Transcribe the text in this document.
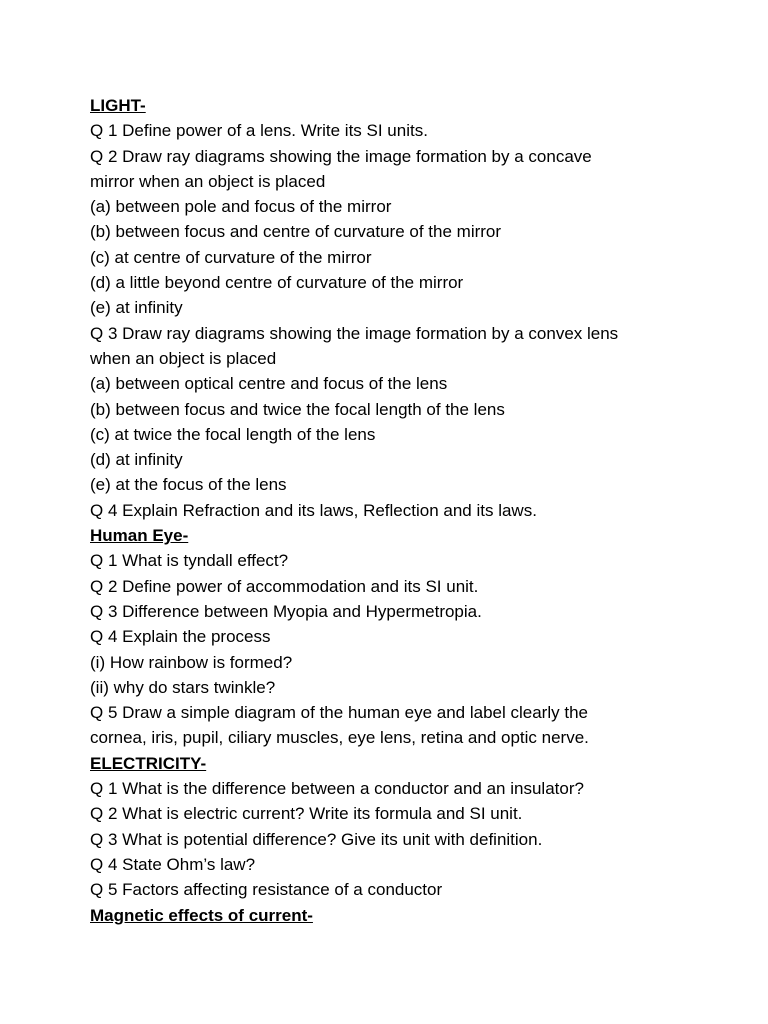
LIGHT-
Q 1 Define power of a lens. Write its SI units.
Q 2 Draw ray diagrams showing the image formation by a concave
mirror when an object is placed
(a) between pole and focus of the mirror
(b) between focus and centre of curvature of the mirror
(c) at centre of curvature of the mirror
(d) a little beyond centre of curvature of the mirror
(e) at infinity
Q 3 Draw ray diagrams showing the image formation by a convex lens
when an object is placed
(a) between optical centre and focus of the lens
(b) between focus and twice the focal length of the lens
(c) at twice the focal length of the lens
(d) at infinity
(e) at the focus of the lens
Q 4 Explain Refraction and its laws, Reflection and its laws.
Human Eye-
Q 1 What is tyndall effect?
Q 2 Define power of accommodation and its SI unit.
Q 3 Difference between Myopia and Hypermetropia.
Q 4 Explain the process
(i) How rainbow is formed?
(ii) why do stars twinkle?
Q 5 Draw a simple diagram of the human eye and label clearly the
cornea, iris, pupil, ciliary muscles, eye lens, retina and optic nerve.
ELECTRICITY-
Q 1 What is the difference between a conductor and an insulator?
Q 2 What is electric current? Write its formula and SI unit.
Q 3 What is potential difference? Give its unit with definition.
Q 4 State Ohm’s law?
Q 5 Factors affecting resistance of a conductor
Magnetic effects of current-
